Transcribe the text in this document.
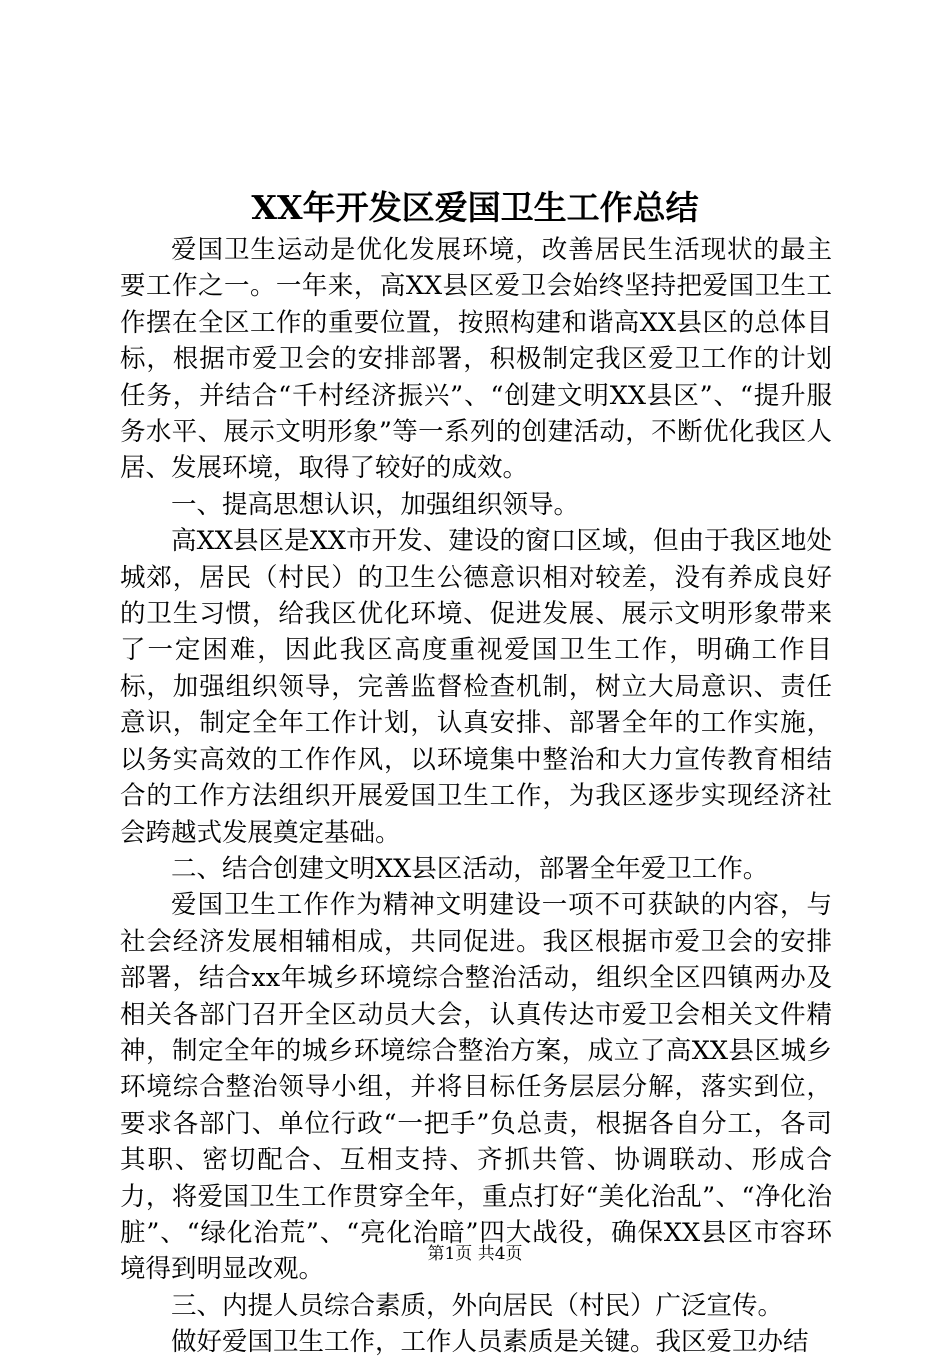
XX年开发区爱国卫生工作总结

爱国卫生运动是优化发展环境，改善居民生活现状的最主要工作之一。一年来，高XX县区爱卫会始终坚持把爱国卫生工作摆在全区工作的重要位置，按照构建和谐高XX县区的总体目标，根据市爱卫会的安排部署，积极制定我区爱卫工作的计划任务，并结合“千村经济振兴”、“创建文明XX县区”、“提升服务水平、展示文明形象”等一系列的创建活动，不断优化我区人居、发展环境，取得了较好的成效。

一、提高思想认识，加强组织领导。

高XX县区是XX市开发、建设的窗口区域，但由于我区地处城郊，居民（村民）的卫生公德意识相对较差，没有养成良好的卫生习惯，给我区优化环境、促进发展、展示文明形象带来了一定困难，因此我区高度重视爱国卫生工作，明确工作目标，加强组织领导，完善监督检查机制，树立大局意识、责任意识，制定全年工作计划，认真安排、部署全年的工作实施，以务实高效的工作作风，以环境集中整治和大力宣传教育相结合的工作方法组织开展爱国卫生工作，为我区逐步实现经济社会跨越式发展奠定基础。

二、结合创建文明XX县区活动，部署全年爱卫工作。

爱国卫生工作作为精神文明建设一项不可获缺的内容，与社会经济发展相辅相成，共同促进。我区根据市爱卫会的安排部署，结合xx年城乡环境综合整治活动，组织全区四镇两办及相关各部门召开全区动员大会，认真传达市爱卫会相关文件精神，制定全年的城乡环境综合整治方案，成立了高XX县区城乡环境综合整治领导小组，并将目标任务层层分解，落实到位，要求各部门、单位行政“一把手”负总责，根据各自分工，各司其职、密切配合、互相支持、齐抓共管、协调联动、形成合力，将爱国卫生工作贯穿全年，重点打好“美化治乱”、“净化治脏”、“绿化治荒”、“亮化治暗”四大战役，确保XX县区市容环境得到明显改观。

三、内提人员综合素质，外向居民（村民）广泛宣传。

做好爱国卫生工作，工作人员素质是关键。我区爱卫办结

第1页 共4页
